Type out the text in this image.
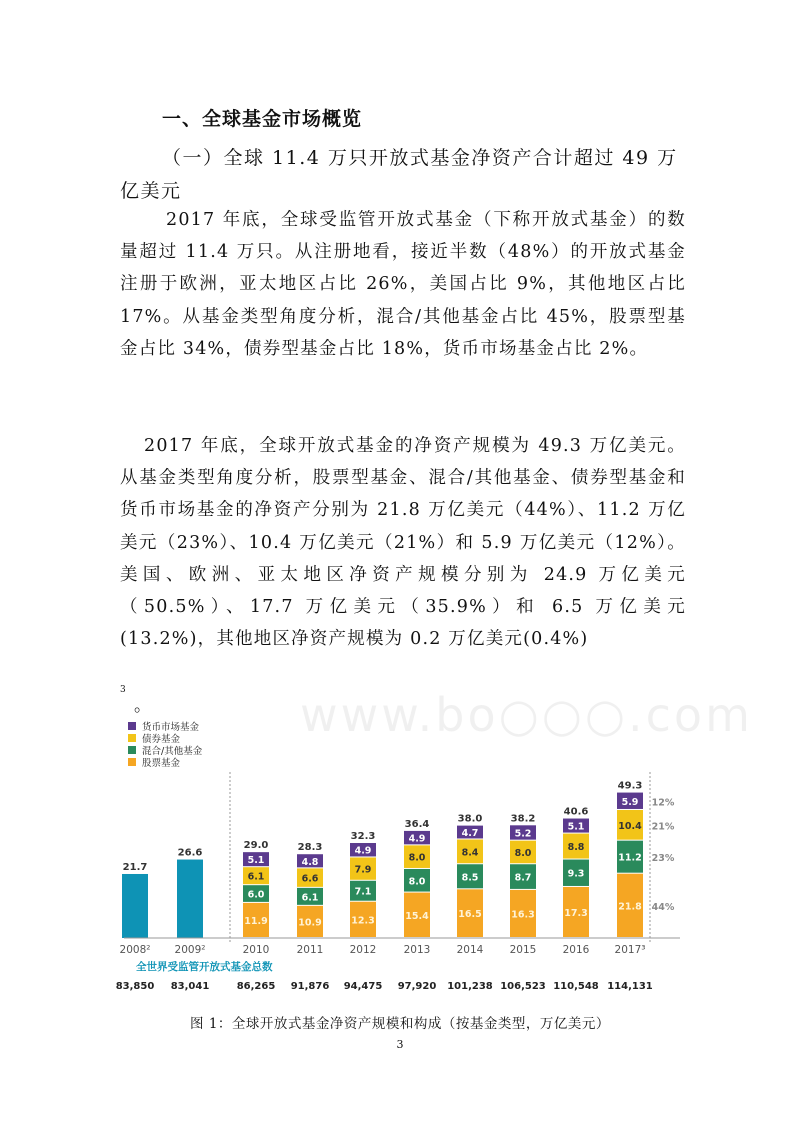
一、全球基金市场概览
（一）全球 11.4 万只开放式基金净资产合计超过 49 万亿美元
2017 年底，全球受监管开放式基金（下称开放式基金）的数量超过 11.4 万只。从注册地看，接近半数（48%）的开放式基金注册于欧洲，亚太地区占比 26%，美国占比 9%，其他地区占比 17%。从基金类型角度分析，混合/其他基金占比 45%，股票型基金占比 34%，债券型基金占比 18%，货币市场基金占比 2%。
2017 年底，全球开放式基金的净资产规模为 49.3 万亿美元。从基金类型角度分析，股票型基金、混合/其他基金、债券型基金和货币市场基金的净资产分别为 21.8 万亿美元（44%）、11.2 万亿美元（23%）、10.4 万亿美元（21%）和 5.9 万亿美元（12%）。美国、欧洲、亚太地区净资产规模分别为 24.9 万亿美元（50.5%）、17.7 万亿美元（35.9%）和 6.5 万亿美元(13.2%)，其他地区净资产规模为 0.2 万亿美元(0.4%)
3
。	www.bo○○○.com
货币市场基金
债券基金
混合/其他基金
股票基金
21.7
26.6
11.9
6.0
6.1
5.1
29.0
10.9
6.1
6.6
4.8
28.3
12.3
7.1
7.9
4.9
32.3
15.4
8.0
8.0
4.9
36.4
16.5
8.5
8.4
4.7
38.0
16.3
8.7
8.0
5.2
38.2
17.3
9.3
8.8
5.1
40.6
21.8
11.2
10.4
5.9
49.3
2008² 2009²	2010	2011	2012	2013	2014	2015	2016 2017³
12%
21%
23%
44%
全世界受监管开放式基金总数
83,850 83,041	86,265 91,876 94,475 97,920 101,238 106,523 110,548 114,131
图 1：全球开放式基金净资产规模和构成（按基金类型，万亿美元）
3
